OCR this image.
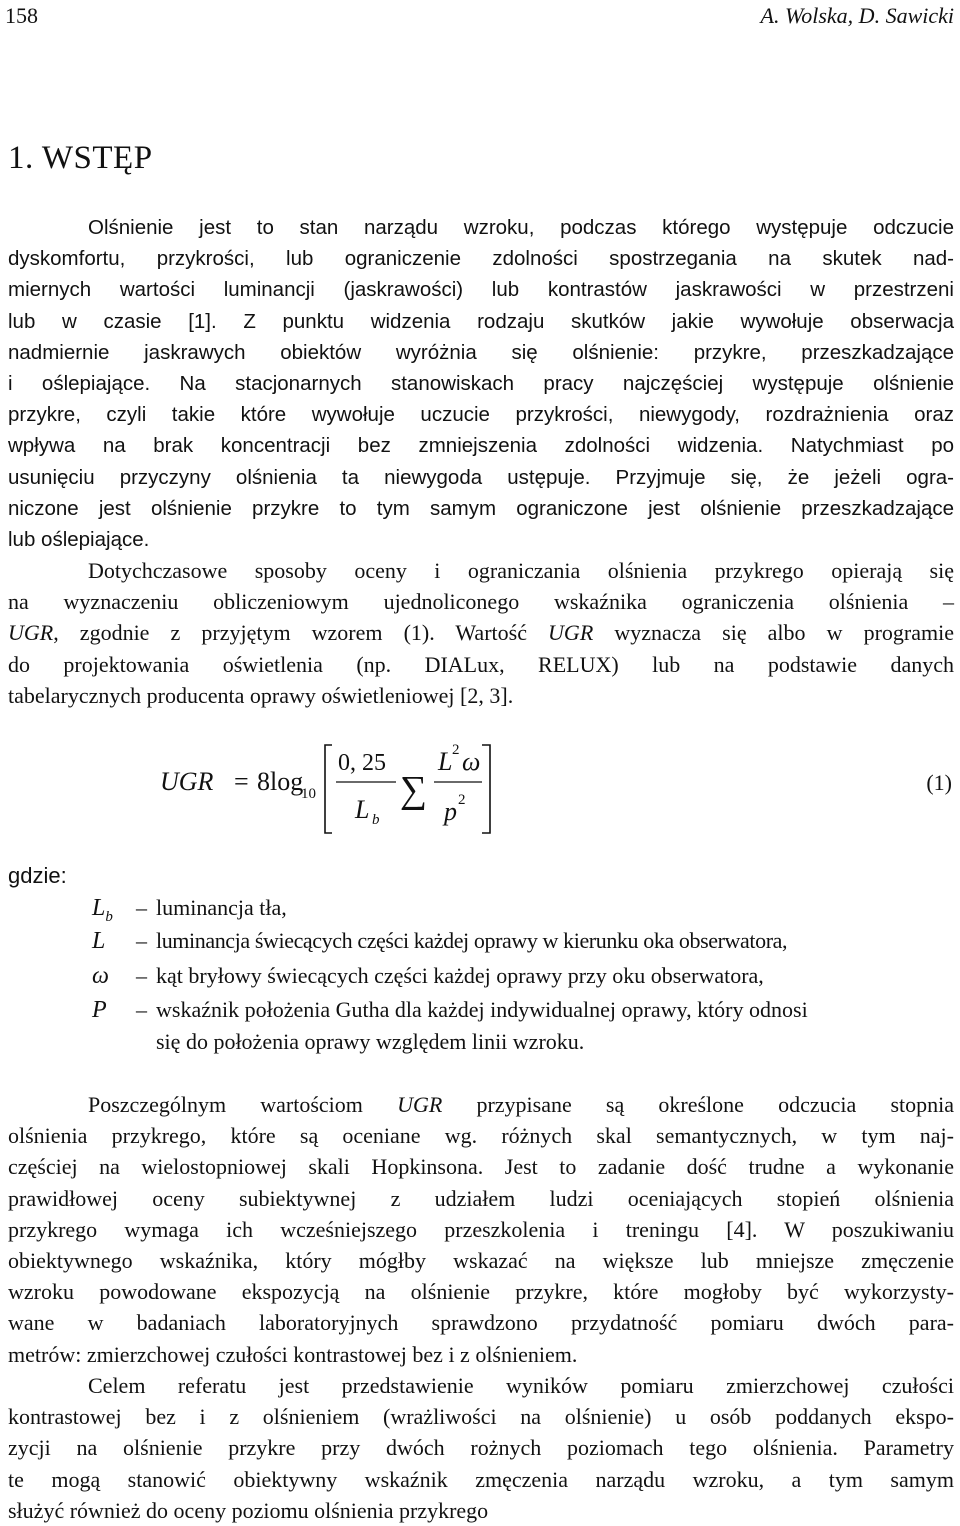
158	A. Wolska, D. Sawicki
1. WSTĘP
Olśnienie jest to stan narządu wzroku, podczas którego występuje odczucie
dyskomfortu, przykrości, lub ograniczenie zdolności spostrzegania na skutek nad-
miernych wartości luminancji (jaskrawości) lub kontrastów jaskrawości w przestrzeni
lub w czasie [1]. Z punktu widzenia rodzaju skutków jakie wywołuje obserwacja
nadmiernie jaskrawych obiektów wyróżnia się olśnienie: przykre, przeszkadzające
i oślepiające. Na stacjonarnych stanowiskach pracy najczęściej występuje olśnienie
przykre, czyli takie które wywołuje uczucie przykrości, niewygody, rozdrażnienia oraz
wpływa na brak koncentracji bez zmniejszenia zdolności widzenia. Natychmiast po
usunięciu przyczyny olśnienia ta niewygoda ustępuje. Przyjmuje się, że jeżeli ogra-
niczone jest olśnienie przykre to tym samym ograniczone jest olśnienie przeszkadzające
lub oślepiające.
Dotychczasowe sposoby oceny i ograniczania olśnienia przykrego opierają się
na wyznaczeniu obliczeniowym ujednoliconego wskaźnika ograniczenia olśnienia –
UGR, zgodnie z przyjętym wzorem (1). Wartość UGR wyznacza się albo w programie
do projektowania oświetlenia (np. DIALux, RELUX) lub na podstawie danych
tabelarycznych producenta oprawy oświetleniowej [2, 3].
UGR = 8log
10
0, 25
L b
∑
L 2 ω
p 2
(1)
gdzie:
$L_b$	– luminancja tła,
L	– luminancja świecących części każdej oprawy w kierunku oka obserwatora,
ω	– kąt bryłowy świecących części każdej oprawy przy oku obserwatora,
P	– wskaźnik położenia Gutha dla każdej indywidualnej oprawy, który odnosi
się do położenia oprawy względem linii wzroku.
Poszczególnym wartościom UGR przypisane są określone odczucia stopnia
olśnienia przykrego, które są oceniane wg. różnych skal semantycznych, w tym naj-
częściej na wielostopniowej skali Hopkinsona. Jest to zadanie dość trudne a wykonanie
prawidłowej oceny subiektywnej z udziałem ludzi oceniających stopień olśnienia
przykrego wymaga ich wcześniejszego przeszkolenia i treningu [4]. W poszukiwaniu
obiektywnego wskaźnika, który mógłby wskazać na większe lub mniejsze zmęczenie
wzroku powodowane ekspozycją na olśnienie przykre, które mogłoby być wykorzysty-
wane w badaniach laboratoryjnych sprawdzono przydatność pomiaru dwóch para-
metrów: zmierzchowej czułości kontrastowej bez i z olśnieniem.
Celem referatu jest przedstawienie wyników pomiaru zmierzchowej czułości
kontrastowej bez i z olśnieniem (wrażliwości na olśnienie) u osób poddanych ekspo-
zycji na olśnienie przykre przy dwóch rożnych poziomach tego olśnienia. Parametry
te mogą stanowić obiektywny wskaźnik zmęczenia narządu wzroku, a tym samym
służyć również do oceny poziomu olśnienia przykrego
